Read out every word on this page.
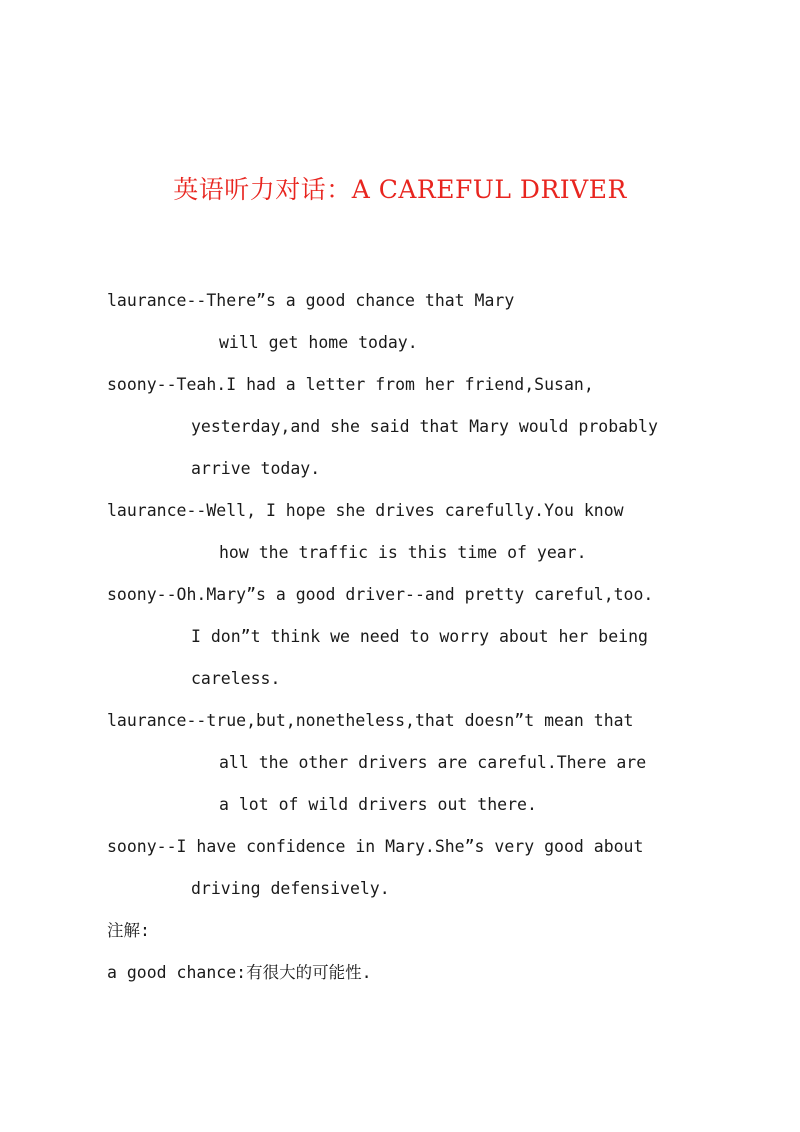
英语听力对话：A CAREFUL DRIVER
laurance--There”s a good chance that Mary
will get home today.
soony--Teah.I had a letter from her friend,Susan,
yesterday,and she said that Mary would probably
arrive today.
laurance--Well, I hope she drives carefully.You know
how the traffic is this time of year.
soony--Oh.Mary”s a good driver--and pretty careful,too.
I don”t think we need to worry about her being
careless.
laurance--true,but,nonetheless,that doesn”t mean that
all the other drivers are careful.There are
a lot of wild drivers out there.
soony--I have confidence in Mary.She”s very good about
driving defensively.
注解:
a good chance:有很大的可能性.
